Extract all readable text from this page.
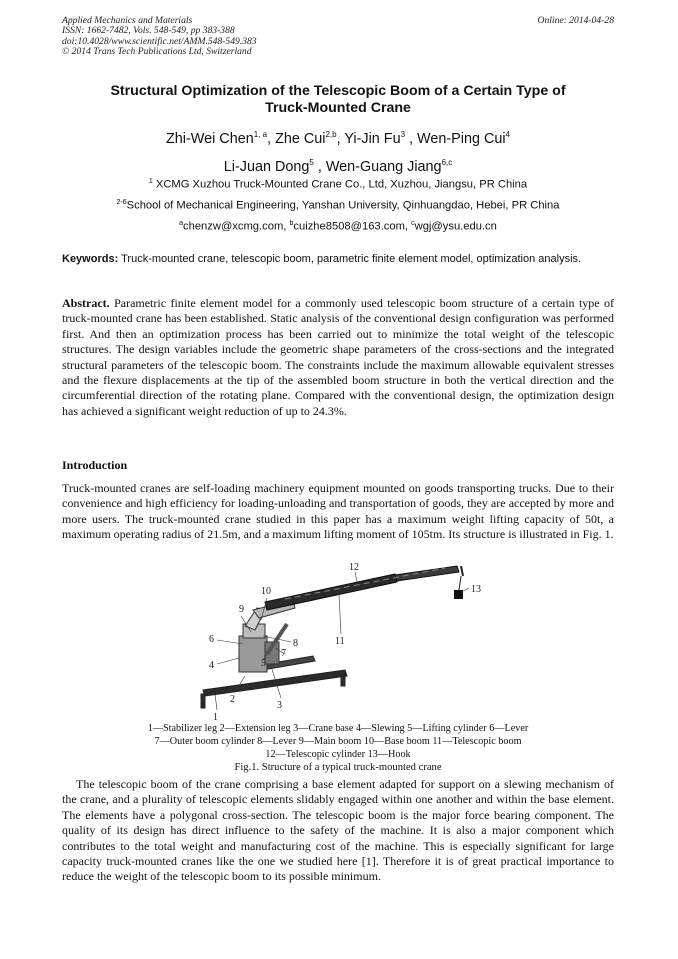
Applied Mechanics and Materials	Online: 2014-04-28
ISSN: 1662-7482, Vols. 548-549, pp 383-388
doi:10.4028/www.scientific.net/AMM.548-549.383
© 2014 Trans Tech Publications Ltd, Switzerland
Structural Optimization of the Telescopic Boom of a Certain Type of
Truck-Mounted Crane
Zhi-Wei Chen$^{1, a}$, Zhe Cui$^{2,b}$, Yi-Jin Fu$^3$ , Wen-Ping Cui$^4$
Li-Juan Dong$^5$ , Wen-Guang Jiang$^{6,c}$
$^1$ XCMG Xuzhou Truck-Mounted Crane Co., Ltd, Xuzhou, Jiangsu, PR China
$^{2-6}$School of Mechanical Engineering, Yanshan University, Qinhuangdao, Hebei, PR China
$^a$chenzw@xcmg.com, $^b$cuizhe8508@163.com, $^c$wgj@ysu.edu.cn
Keywords: Truck-mounted crane, telescopic boom, parametric finite element model, optimization analysis.
Abstract. Parametric finite element model for a commonly used telescopic boom structure of a certain type of truck-mounted crane has been established. Static analysis of the conventional design configuration was performed first. And then an optimization process has been carried out to minimize the total weight of the telescopic structures. The design variables include the geometric shape parameters of the cross-sections and the integrated structural parameters of the telescopic boom. The constraints include the maximum allowable equivalent stresses and the flexure displacements at the tip of the assembled boom structure in both the vertical direction and the circumferential direction of the rotating plane. Compared with the conventional design, the optimization design has achieved a significant weight reduction of up to 24.3%.
Introduction
Truck-mounted cranes are self-loading machinery equipment mounted on goods transporting trucks. Due to their convenience and high efficiency for loading-unloading and transportation of goods, they are accepted by more and more users. The truck-mounted crane studied in this paper has a maximum weight lifting capacity of 50t, a maximum operating radius of 21.5m, and a maximum lifting moment of 105tm. Its structure is illustrated in Fig. 1.
1
2
3
4	5
6
7
8
9
10
11
12
13
1—Stabilizer leg 2—Extension leg 3—Crane base 4—Slewing 5—Lifting cylinder 6—Lever
7—Outer boom cylinder 8—Lever 9—Main boom 10—Base boom 11—Telescopic boom
12—Telescopic cylinder 13—Hook
Fig.1. Structure of a typical truck-mounted crane
The telescopic boom of the crane comprising a base element adapted for support on a slewing mechanism of the crane, and a plurality of telescopic elements slidably engaged within one another and within the base element. The elements have a polygonal cross-section. The telescopic boom is the major force bearing component. The quality of its design has direct influence to the safety of the machine. It is also a major component which contributes to the total weight and manufacturing cost of the machine. This is especially significant for large capacity truck-mounted cranes like the one we studied here [1]. Therefore it is of great practical importance to reduce the weight of the telescopic boom to its possible minimum.
